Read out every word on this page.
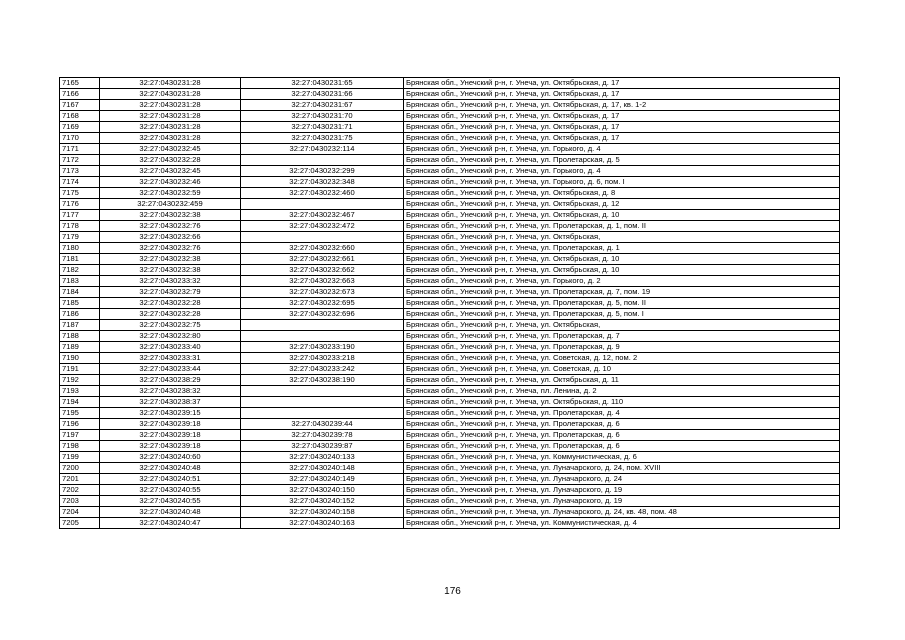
7165	32:27:0430231:28	32:27:0430231:65	Брянская обл., Унечский р-н, г. Унеча, ул. Октябрьская, д. 17
7166	32:27:0430231:28	32:27:0430231:66	Брянская обл., Унечский р-н, г. Унеча, ул. Октябрьская, д. 17
7167	32:27:0430231:28	32:27:0430231:67	Брянская обл., Унечский р-н, г. Унеча, ул. Октябрьская, д. 17, кв. 1-2
7168	32:27:0430231:28	32:27:0430231:70	Брянская обл., Унечский р-н, г. Унеча, ул. Октябрьская, д. 17
7169	32:27:0430231:28	32:27:0430231:71	Брянская обл., Унечский р-н, г. Унеча, ул. Октябрьская, д. 17
7170	32:27:0430231:28	32:27:0430231:75	Брянская обл., Унечский р-н, г. Унеча, ул. Октябрьская, д. 17
7171	32:27:0430232:45	32:27:0430232:114	Брянская обл., Унечский р-н, г. Унеча, ул. Горького, д. 4
7172	32:27:0430232:28		Брянская обл., Унечский р-н, г. Унеча, ул. Пролетарская, д. 5
7173	32:27:0430232:45	32:27:0430232:299	Брянская обл., Унечский р-н, г. Унеча, ул. Горького, д. 4
7174	32:27:0430232:46	32:27:0430232:348	Брянская обл., Унечский р-н, г. Унеча, ул. Горького, д. 6, пом. I
7175	32:27:0430232:59	32:27:0430232:460	Брянская обл., Унечский р-н, г. Унеча, ул. Октябрьская, д. 8
7176	32:27:0430232:459		Брянская обл., Унечский р-н, г. Унеча, ул. Октябрьская, д. 12
7177	32:27:0430232:38	32:27:0430232:467	Брянская обл., Унечский р-н, г. Унеча, ул. Октябрьская, д. 10
7178	32:27:0430232:76	32:27:0430232:472	Брянская обл., Унечский р-н, г. Унеча, ул. Пролетарская, д. 1, пом. II
7179	32:27:0430232:66		Брянская обл., Унечский р-н, г. Унеча, ул. Октябрьская,
7180	32:27:0430232:76	32:27:0430232:660	Брянская обл., Унечский р-н, г. Унеча, ул. Пролетарская, д. 1
7181	32:27:0430232:38	32:27:0430232:661	Брянская обл., Унечский р-н, г. Унеча, ул. Октябрьская, д. 10
7182	32:27:0430232:38	32:27:0430232:662	Брянская обл., Унечский р-н, г. Унеча, ул. Октябрьская, д. 10
7183	32:27:0430233:32	32:27:0430232:663	Брянская обл., Унечский р-н, г. Унеча, ул. Горького, д. 2
7184	32:27:0430232:79	32:27:0430232:673	Брянская обл., Унечский р-н, г. Унеча, ул. Пролетарская, д. 7, пом. 19
7185	32:27:0430232:28	32:27:0430232:695	Брянская обл., Унечский р-н, г. Унеча, ул. Пролетарская, д. 5, пом. II
7186	32:27:0430232:28	32:27:0430232:696	Брянская обл., Унечский р-н, г. Унеча, ул. Пролетарская, д. 5, пом. I
7187	32:27:0430232:75		Брянская обл., Унечский р-н, г. Унеча, ул. Октябрьская,
7188	32:27:0430232:80		Брянская обл., Унечский р-н, г. Унеча, ул. Пролетарская, д. 7
7189	32:27:0430233:40	32:27:0430233:190	Брянская обл., Унечский р-н, г. Унеча, ул. Пролетарская, д. 9
7190	32:27:0430233:31	32:27:0430233:218	Брянская обл., Унечский р-н, г. Унеча, ул. Советская, д. 12, пом. 2
7191	32:27:0430233:44	32:27:0430233:242	Брянская обл., Унечский р-н, г. Унеча, ул. Советская, д. 10
7192	32:27:0430238:29	32:27:0430238:190	Брянская обл., Унечский р-н, г. Унеча, ул. Октябрьская, д. 11
7193	32:27:0430238:32		Брянская обл., Унечский р-н, г. Унеча, пл. Ленина, д. 2
7194	32:27:0430238:37		Брянская обл., Унечский р-н, г. Унеча, ул. Октябрьская, д. 110
7195	32:27:0430239:15		Брянская обл., Унечский р-н, г. Унеча, ул. Пролетарская, д. 4
7196	32:27:0430239:18	32:27:0430239:44	Брянская обл., Унечский р-н, г. Унеча, ул. Пролетарская, д. 6
7197	32:27:0430239:18	32:27:0430239:78	Брянская обл., Унечский р-н, г. Унеча, ул. Пролетарская, д. 6
7198	32:27:0430239:18	32:27:0430239:87	Брянская обл., Унечский р-н, г. Унеча, ул. Пролетарская, д. 6
7199	32:27:0430240:60	32:27:0430240:133	Брянская обл., Унечский р-н, г. Унеча, ул. Коммунистическая, д. 6
7200	32:27:0430240:48	32:27:0430240:148	Брянская обл., Унечский р-н, г. Унеча, ул. Луначарского, д. 24, пом. XVIII
7201	32:27:0430240:51	32:27:0430240:149	Брянская обл., Унечский р-н, г. Унеча, ул. Луначарского, д. 24
7202	32:27:0430240:55	32:27:0430240:150	Брянская обл., Унечский р-н, г. Унеча, ул. Луначарского, д. 19
7203	32:27:0430240:55	32:27:0430240:152	Брянская обл., Унечский р-н, г. Унеча, ул. Луначарского, д. 19
7204	32:27:0430240:48	32:27:0430240:158	Брянская обл., Унечский р-н, г. Унеча, ул. Луначарского, д. 24, кв. 48, пом. 48
7205	32:27:0430240:47	32:27:0430240:163	Брянская обл., Унечский р-н, г. Унеча, ул. Коммунистическая, д. 4
176
